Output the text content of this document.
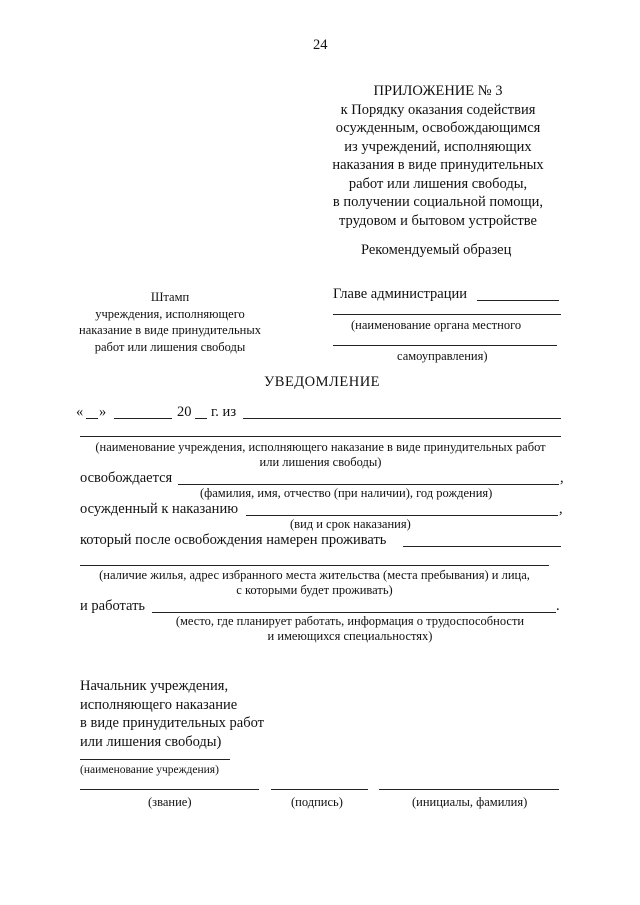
24
ПРИЛОЖЕНИЕ № 3
к Порядку оказания содействия
осужденным, освобождающимся
из учреждений, исполняющих
наказания в виде принудительных
работ или лишения свободы,
в получении социальной помощи,
трудовом и бытовом устройстве
Рекомендуемый образец
Штамп
учреждения, исполняющего
наказание в виде принудительных
работ или лишения свободы
Главе администрации
(наименование органа местного
самоуправления)
УВЕДОМЛЕНИЕ
« »	20 г. из
(наименование учреждения, исполняющего наказание в виде принудительных работ
или лишения свободы)
освобождается	,
(фамилия, имя, отчество (при наличии), год рождения)
осужденный к наказанию	,
(вид и срок наказания)
который после освобождения намерен проживать
(наличие жилья, адрес избранного места жительства (места пребывания) и лица,
с которыми будет проживать)
и работать	.
(место, где планирует работать, информация о трудоспособности
и имеющихся специальностях)
Начальник учреждения,
исполняющего наказание
в виде принудительных работ
или лишения свободы)
(наименование учреждения)
(звание)	(подпись)	(инициалы, фамилия)
